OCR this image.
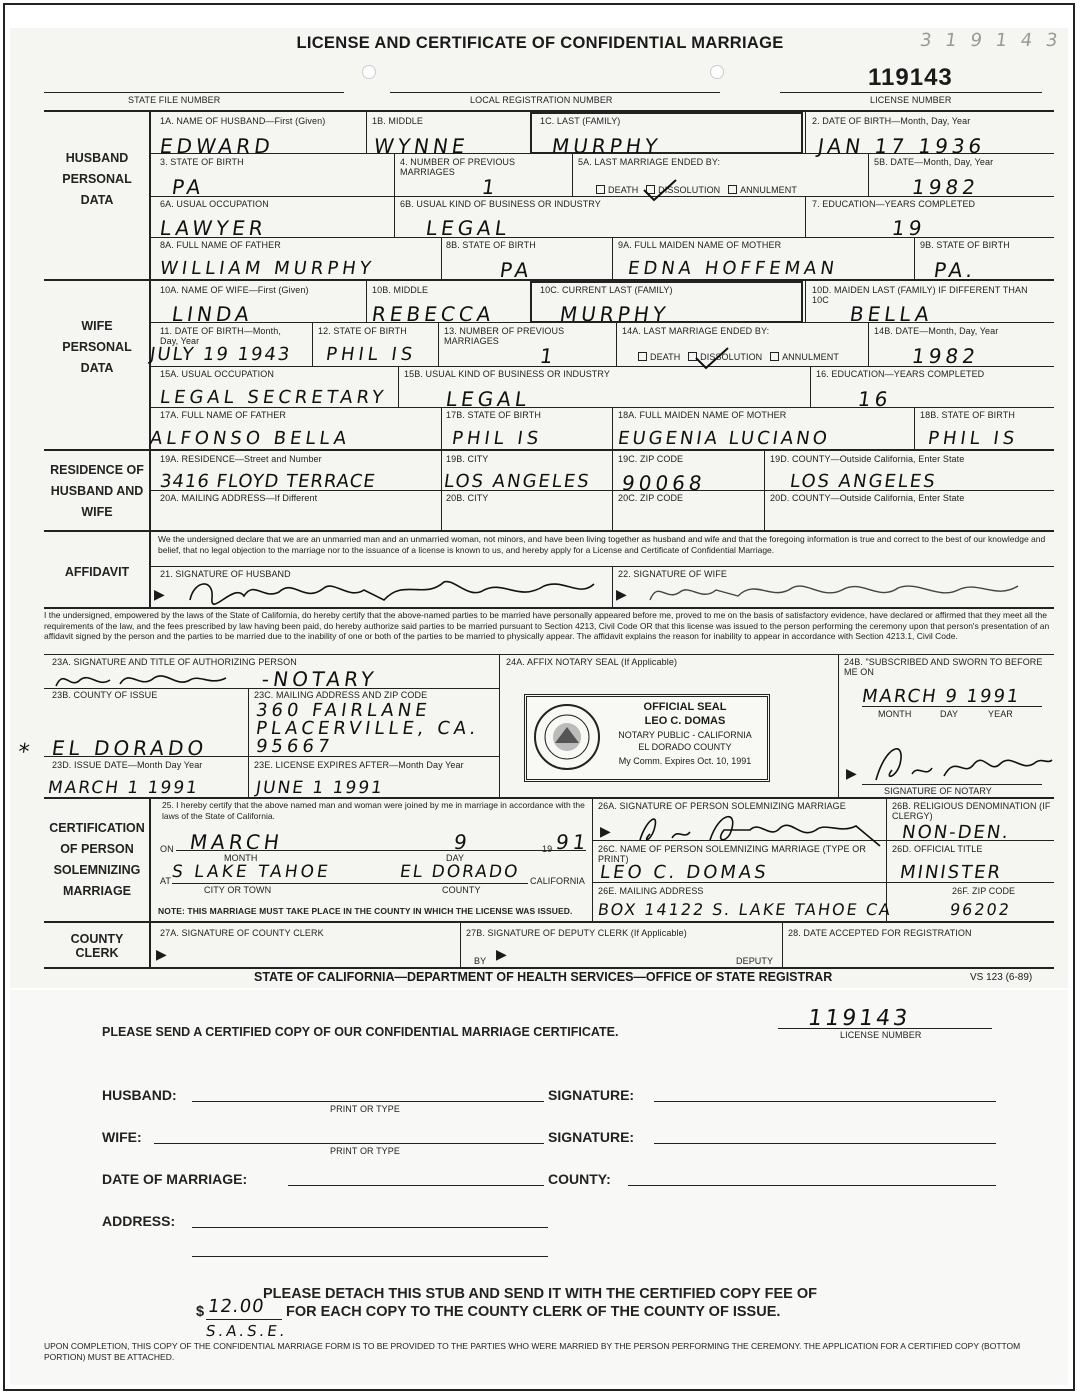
LICENSE AND CERTIFICATE OF CONFIDENTIAL MARRIAGE	3 1 9 1 4 3
119143
STATE FILE NUMBER	LOCAL REGISTRATION NUMBER	LICENSE NUMBER
HUSBAND PERSONAL DATA
WIFE PERSONAL DATA
RESIDENCE OF HUSBAND AND WIFE
AFFIDAVIT
CERTIFICATION OF PERSON SOLEMNIZING MARRIAGE
COUNTY CLERK
1A. NAME OF HUSBAND—First (Given)
EDWARD
1B. MIDDLE
WYNNE
1C. LAST (FAMILY)
MURPHY
2. DATE OF BIRTH—Month, Day, Year
JAN 17 1936
3. STATE OF BIRTH
PA
4. NUMBER OF PREVIOUS MARRIAGES
1
5A. LAST MARRIAGE ENDED BY:
DEATH DISSOLUTION ANNULMENT
5B. DATE—Month, Day, Year
1982
6A. USUAL OCCUPATION
LAWYER
6B. USUAL KIND OF BUSINESS OR INDUSTRY
LEGAL
7. EDUCATION—YEARS COMPLETED
19
8A. FULL NAME OF FATHER
WILLIAM MURPHY
8B. STATE OF BIRTH
PA
9A. FULL MAIDEN NAME OF MOTHER
EDNA HOFFEMAN
9B. STATE OF BIRTH
PA.
10A. NAME OF WIFE—First (Given)
LINDA
10B. MIDDLE
REBECCA
10C. CURRENT LAST (FAMILY)
MURPHY
10D. MAIDEN LAST (FAMILY) IF DIFFERENT THAN 10C
BELLA
11. DATE OF BIRTH—Month, Day, Year
JULY 19 1943
12. STATE OF BIRTH
PHIL IS
13. NUMBER OF PREVIOUS MARRIAGES
1
14A. LAST MARRIAGE ENDED BY:
DEATH DISSOLUTION ANNULMENT
14B. DATE—Month, Day, Year
1982
15A. USUAL OCCUPATION
LEGAL SECRETARY
15B. USUAL KIND OF BUSINESS OR INDUSTRY
LEGAL
16. EDUCATION—YEARS COMPLETED
16
17A. FULL NAME OF FATHER
ALFONSO BELLA
17B. STATE OF BIRTH
PHIL IS
18A. FULL MAIDEN NAME OF MOTHER
EUGENIA LUCIANO
18B. STATE OF BIRTH
PHIL IS
19A. RESIDENCE—Street and Number
3416 FLOYD TERRACE
19B. CITY
LOS ANGELES
19C. ZIP CODE
90068
19D. COUNTY—Outside California, Enter State
LOS ANGELES
20A. MAILING ADDRESS—If Different	20B. CITY	20C. ZIP CODE	20D. COUNTY—Outside California, Enter State
We the undersigned declare that we are an unmarried man and an unmarried woman, not minors, and have been living together as husband and wife and that the foregoing information is true and correct to the best of our knowledge and belief, that no legal objection to the marriage nor to the issuance of a license is known to us, and hereby apply for a License and Certificate of Confidential Marriage.
21. SIGNATURE OF HUSBAND	22. SIGNATURE OF WIFE
▶	▶
I the undersigned, empowered by the laws of the State of California, do hereby certify that the above-named parties to be married have personally appeared before me, proved to me on the basis of satisfactory evidence, have declared or affirmed that they meet all the requirements of the law, and the fees prescribed by law having been paid, do hereby authorize said parties to be married pursuant to Section 4213, Civil Code OR that this license was issued to the person performing the ceremony upon that person's presentation of an affidavit signed by the person and the parties to be married due to the inability of one or both of the parties to be married to physically appear. The affidavit explains the reason for inability to appear in accordance with Section 4213.1, Civil Code.
23A. SIGNATURE AND TITLE OF AUTHORIZING PERSON
-NOTARY
23B. COUNTY OF ISSUE
EL DORADO
*
23C. MAILING ADDRESS AND ZIP CODE
360 FAIRLANE
PLACERVILLE, CA.
95667
23D. ISSUE DATE—Month Day Year
MARCH 1 1991
23E. LICENSE EXPIRES AFTER—Month Day Year
JUNE 1 1991
24A. AFFIX NOTARY SEAL (If Applicable)
OFFICIAL SEAL
LEO C. DOMAS
NOTARY PUBLIC - CALIFORNIA
EL DORADO COUNTY
My Comm. Expires Oct. 10, 1991
24B. "SUBSCRIBED AND SWORN TO BEFORE ME ON
MARCH 9 1991
MONTH	DAY	YEAR
▶
SIGNATURE OF NOTARY
25. I hereby certify that the above named man and woman were joined by me in marriage in accordance with the laws of the State of California.
ON MARCH	9	19 91
MONTH	DAY
AT S LAKE TAHOE	EL DORADO CALIFORNIA
CITY OR TOWN	COUNTY
NOTE: THIS MARRIAGE MUST TAKE PLACE IN THE COUNTY IN WHICH THE LICENSE WAS ISSUED.
26A. SIGNATURE OF PERSON SOLEMNIZING MARRIAGE
▶
26B. RELIGIOUS DENOMINATION (IF CLERGY)
NON-DEN.
26C. NAME OF PERSON SOLEMNIZING MARRIAGE (TYPE OR PRINT)
LEO C. DOMAS
26D. OFFICIAL TITLE
MINISTER
26E. MAILING ADDRESS
BOX 14122 S. LAKE TAHOE CA
26F. ZIP CODE
96202
27A. SIGNATURE OF COUNTY CLERK
▶
27B. SIGNATURE OF DEPUTY CLERK (If Applicable)
BY ▶	DEPUTY
28. DATE ACCEPTED FOR REGISTRATION
STATE OF CALIFORNIA—DEPARTMENT OF HEALTH SERVICES—OFFICE OF STATE REGISTRAR	VS 123 (6-89)
PLEASE SEND A CERTIFIED COPY OF OUR CONFIDENTIAL MARRIAGE CERTIFICATE.
119143
LICENSE NUMBER
HUSBAND:
PRINT OR TYPE
SIGNATURE:
WIFE:
PRINT OR TYPE
SIGNATURE:
DATE OF MARRIAGE:	COUNTY:
ADDRESS:
PLEASE DETACH THIS STUB AND SEND IT WITH THE CERTIFIED COPY FEE OF
$ 12.00 FOR EACH COPY TO THE COUNTY CLERK OF THE COUNTY OF ISSUE.
S.A.S.E.
UPON COMPLETION, THIS COPY OF THE CONFIDENTIAL MARRIAGE FORM IS TO BE PROVIDED TO THE PARTIES WHO WERE MARRIED BY THE PERSON PERFORMING THE CEREMONY. THE APPLICATION FOR A CERTIFIED COPY (BOTTOM PORTION) MUST BE ATTACHED.
